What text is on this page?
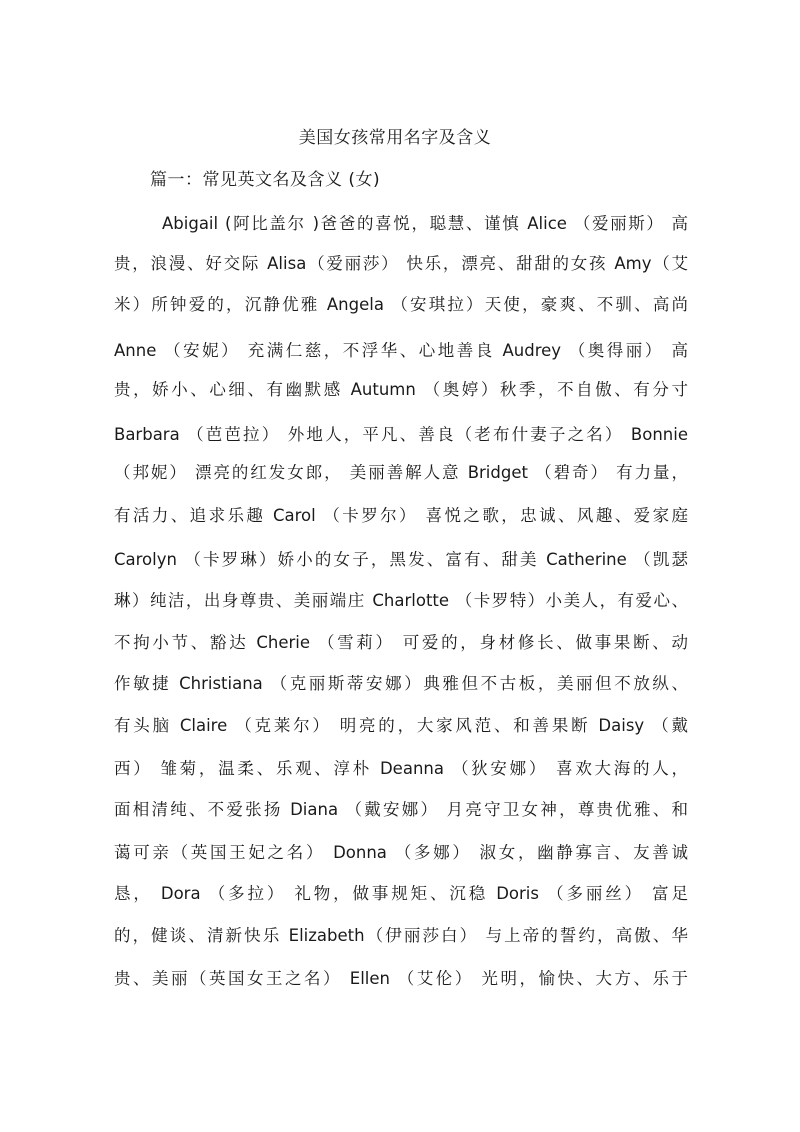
美国女孩常用名字及含义
篇一：常见英文名及含义 (女)
Abigail (阿比盖尔 )爸爸的喜悦，聪慧、谨慎 Alice （爱丽斯） 高
贵，浪漫、好交际 Alisa（爱丽莎） 快乐，漂亮、甜甜的女孩 Amy（艾
米）所钟爱的，沉静优雅 Angela （安琪拉）天使，豪爽、不驯、高尚
Anne （安妮） 充满仁慈，不浮华、心地善良 Audrey （奥得丽） 高
贵，娇小、心细、有幽默感 Autumn （奥婷）秋季，不自傲、有分寸
Barbara （芭芭拉） 外地人，平凡、善良（老布什妻子之名） Bonnie
（邦妮） 漂亮的红发女郎， 美丽善解人意 Bridget （碧奇） 有力量，
有活力、追求乐趣 Carol （卡罗尔） 喜悦之歌，忠诚、风趣、爱家庭
Carolyn （卡罗琳）娇小的女子，黑发、富有、甜美 Catherine （凯瑟
琳）纯洁，出身尊贵、美丽端庄 Charlotte （卡罗特）小美人，有爱心、
不拘小节、豁达 Cherie （雪莉） 可爱的，身材修长、做事果断、动
作敏捷 Christiana （克丽斯蒂安娜）典雅但不古板，美丽但不放纵、
有头脑 Claire （克莱尔） 明亮的，大家风范、和善果断 Daisy （戴
西） 雏菊，温柔、乐观、淳朴 Deanna （狄安娜） 喜欢大海的人，
面相清纯、不爱张扬 Diana （戴安娜） 月亮守卫女神，尊贵优雅、和
蔼可亲（英国王妃之名） Donna （多娜） 淑女，幽静寡言、友善诚
恳， Dora （多拉） 礼物，做事规矩、沉稳 Doris （多丽丝） 富足
的，健谈、清新快乐 Elizabeth（伊丽莎白） 与上帝的誓约，高傲、华
贵、美丽（英国女王之名） Ellen （艾伦） 光明，愉快、大方、乐于
